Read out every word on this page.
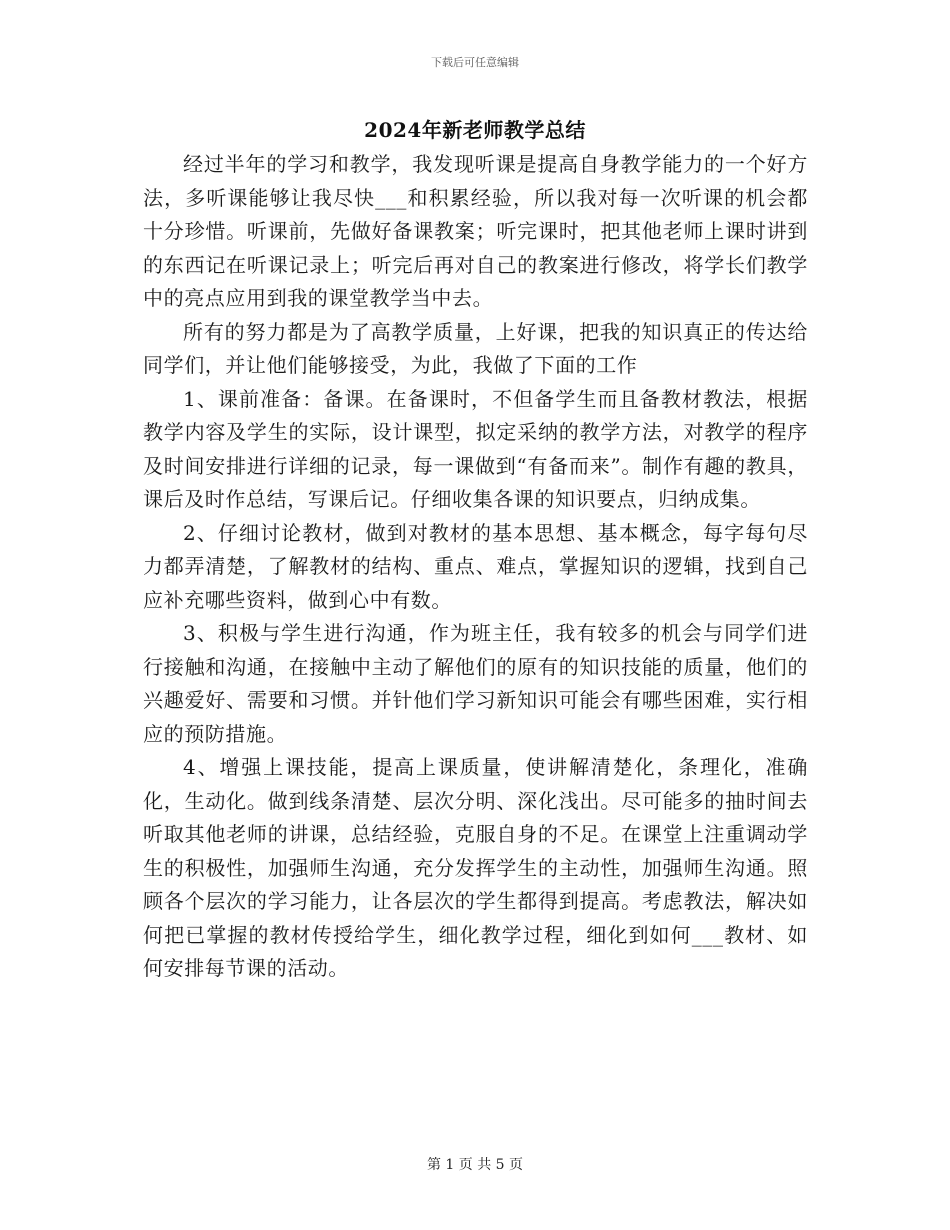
下载后可任意编辑
2024年新老师教学总结

经过半年的学习和教学，我发现听课是提高自身教学能力的一个好方法，多听课能够让我尽快___和积累经验，所以我对每一次听课的机会都十分珍惜。听课前，先做好备课教案；听完课时，把其他老师上课时讲到的东西记在听课记录上；听完后再对自己的教案进行修改，将学长们教学中的亮点应用到我的课堂教学当中去。

所有的努力都是为了高教学质量，上好课，把我的知识真正的传达给同学们，并让他们能够接受，为此，我做了下面的工作

1、课前准备：备课。在备课时，不但备学生而且备教材教法，根据教学内容及学生的实际，设计课型，拟定采纳的教学方法，对教学的程序及时间安排进行详细的记录，每一课做到“有备而来”。制作有趣的教具，课后及时作总结，写课后记。仔细收集各课的知识要点，归纳成集。

2、仔细讨论教材，做到对教材的基本思想、基本概念，每字每句尽力都弄清楚，了解教材的结构、重点、难点，掌握知识的逻辑，找到自己应补充哪些资料，做到心中有数。

3、积极与学生进行沟通，作为班主任，我有较多的机会与同学们进行接触和沟通，在接触中主动了解他们的原有的知识技能的质量，他们的兴趣爱好、需要和习惯。并针他们学习新知识可能会有哪些困难，实行相应的预防措施。

4、增强上课技能，提高上课质量，使讲解清楚化，条理化，准确化，生动化。做到线条清楚、层次分明、深化浅出。尽可能多的抽时间去听取其他老师的讲课，总结经验，克服自身的不足。在课堂上注重调动学生的积极性，加强师生沟通，充分发挥学生的主动性，加强师生沟通。照顾各个层次的学习能力，让各层次的学生都得到提高。考虑教法，解决如何把已掌握的教材传授给学生，细化教学过程，细化到如何___教材、如何安排每节课的活动。

第 1 页 共 5 页
